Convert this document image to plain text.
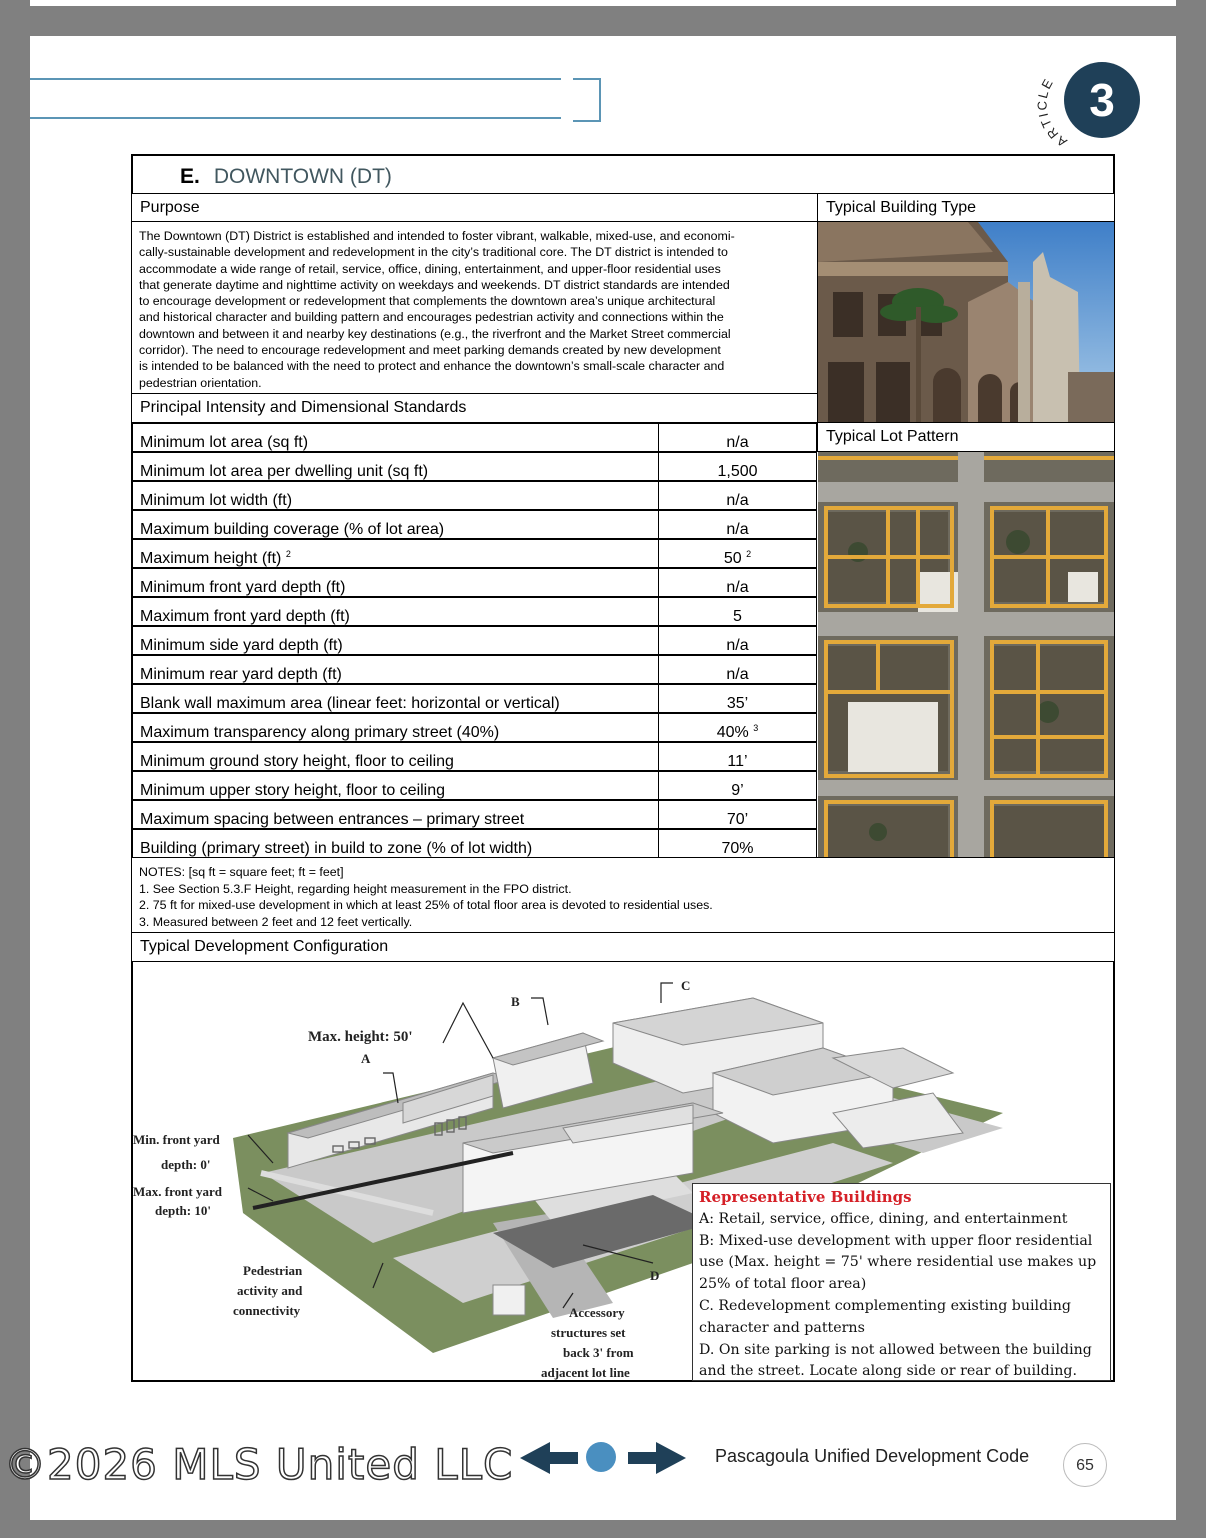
ARTICLE 3
E. DOWNTOWN (DT)
Purpose
The Downtown (DT) District is established and intended to foster vibrant, walkable, mixed-use, and economi-
cally-sustainable development and redevelopment in the city’s traditional core. The DT district is intended to
accommodate a wide range of retail, service, office, dining, entertainment, and upper-floor residential uses
that generate daytime and nighttime activity on weekdays and weekends. DT district standards are intended
to encourage development or redevelopment that complements the downtown area’s unique architectural
and historical character and building pattern and encourages pedestrian activity and connections within the
downtown and between it and nearby key destinations (e.g., the riverfront and the Market Street commercial
corridor). The need to encourage redevelopment and meet parking demands created by new development
is intended to be balanced with the need to protect and enhance the downtown’s small-scale character and
pedestrian orientation.
Typical Building Type
Principal Intensity and Dimensional Standards
Typical Lot Pattern
Minimum lot area (sq ft)	n/a
Minimum lot area per dwelling unit (sq ft)	1,500
Minimum lot width (ft)	n/a
Maximum building coverage (% of lot area)	n/a
Maximum height (ft) $^2$	50 $^2$
Minimum front yard depth (ft)	n/a
Maximum front yard depth (ft)	5
Minimum side yard depth (ft)	n/a
Minimum rear yard depth (ft)	n/a
Blank wall maximum area (linear feet: horizontal or vertical)	35’
Maximum transparency along primary street (40%)	40% $^3$
Minimum ground story height, floor to ceiling	11’
Minimum upper story height, floor to ceiling	9’
Maximum spacing between entrances – primary street	70’
Building (primary street) in build to zone (% of lot width)	70%
NOTES: [sq ft = square feet; ft = feet]
1. See Section 5.3.F Height, regarding height measurement in the FPO district.
2. 75 ft for mixed-use development in which at least 25% of total floor area is devoted to residential uses.
3. Measured between 2 feet and 12 feet vertically.
Typical Development Configuration
Max. height: 50'
A
B
C
D
Min. front yard
depth: 0'
Max. front yard
depth: 10'
Pedestrian
activity and
connectivity	Accessory
structures set
back 3' from
adjacent lot line
Representative Buildings
A: Retail, service, office, dining, and entertainment
B: Mixed-use development with upper floor residential
use (Max. height = 75' where residential use makes up
25% of total floor area)
C. Redevelopment complementing existing building
character and patterns
D. On site parking is not allowed between the building
and the street. Locate along side or rear of building.
Pascagoula Unified Development Code	65
©2026 MLS United LLC
